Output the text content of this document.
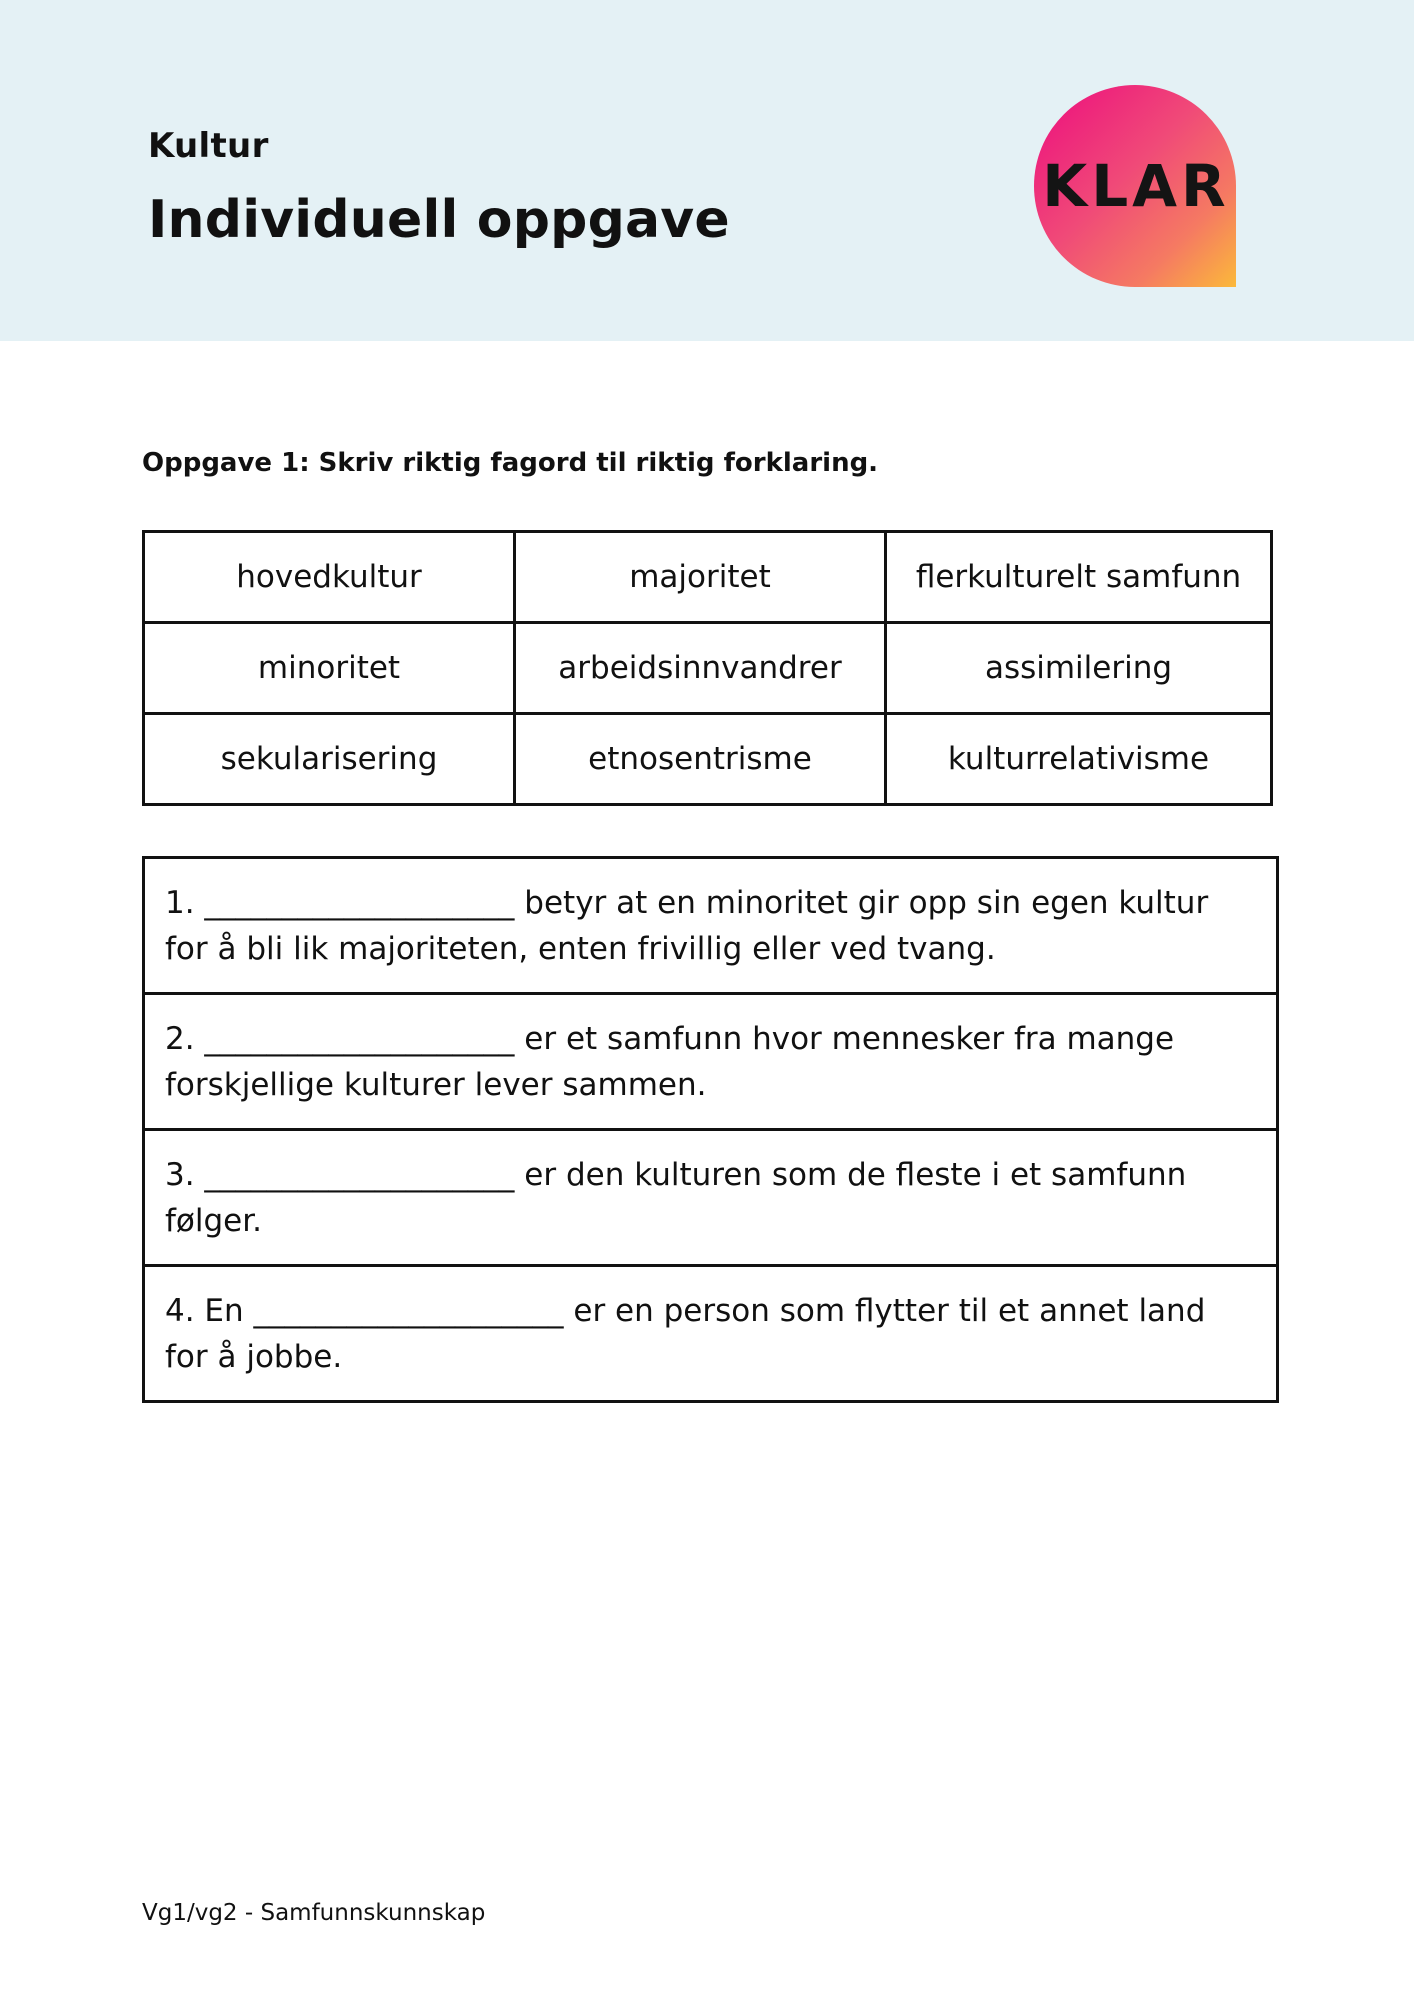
Kultur
Individuell oppgave	KLAR
Oppgave 1: Skriv riktig fagord til riktig forklaring.
hovedkultur	majoritet	flerkulturelt samfunn
minoritet	arbeidsinnvandrer	assimilering
sekularisering	etnosentrisme	kulturrelativisme
1. ____________________ betyr at en minoritet gir opp sin egen kultur for å bli lik majoriteten, enten frivillig eller ved tvang.
2. ____________________ er et samfunn hvor mennesker fra mange forskjellige kulturer lever sammen.
3. ____________________ er den kulturen som de fleste i et samfunn følger.
4. En ____________________ er en person som flytter til et annet land for å jobbe.
Vg1/vg2 - Samfunnskunnskap
